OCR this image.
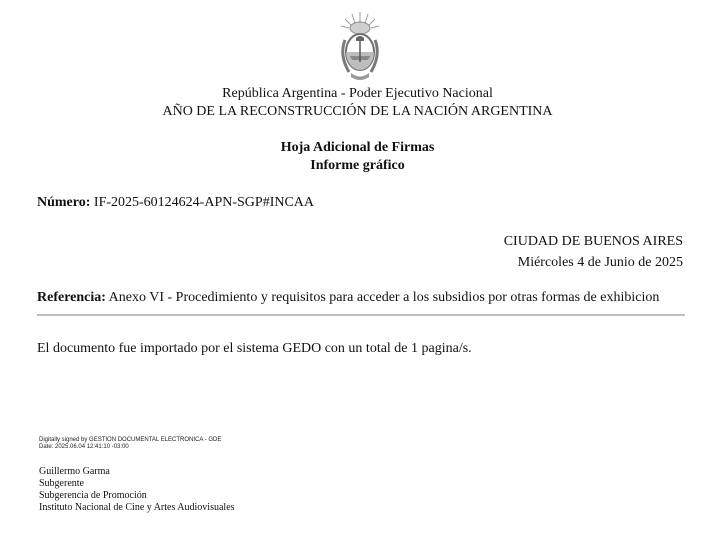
República Argentina - Poder Ejecutivo Nacional
AÑO DE LA RECONSTRUCCIÓN DE LA NACIÓN ARGENTINA
Hoja Adicional de Firmas
Informe gráfico
Número: IF-2025-60124624-APN-SGP#INCAA
CIUDAD DE BUENOS AIRES
Miércoles 4 de Junio de 2025
Referencia: Anexo VI - Procedimiento y requisitos para acceder a los subsidios por otras formas de exhibicion
El documento fue importado por el sistema GEDO con un total de 1 pagina/s.
Digitally signed by GESTION DOCUMENTAL ELECTRONICA - GDE
Date: 2025.06.04 12:41:10 -03:00
Guillermo Garma
Subgerente
Subgerencia de Promoción
Instituto Nacional de Cine y Artes Audiovisuales
